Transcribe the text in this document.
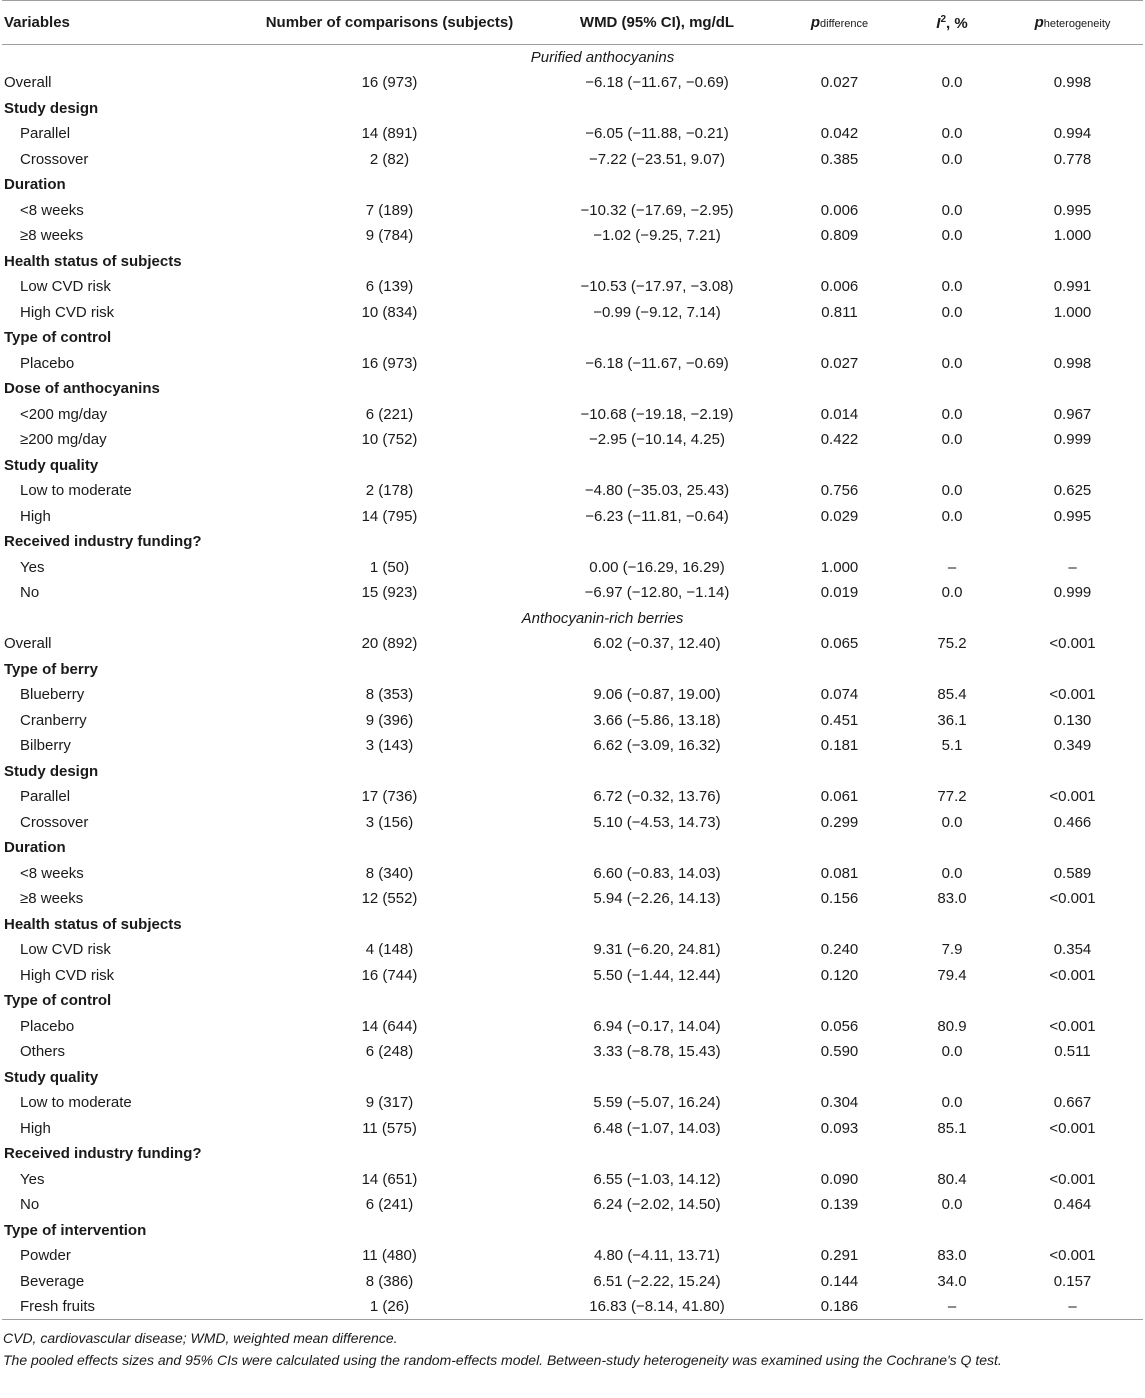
Variables	Number of comparisons (subjects)	WMD (95% CI), mg/dL	pdifference	$I^2$, %	pheterogeneity
Purified anthocyanins					
Overall	16 (973)	−6.18 (−11.67, −0.69)	0.027	0.0	0.998
Study design					
Parallel	14 (891)	−6.05 (−11.88, −0.21)	0.042	0.0	0.994
Crossover	2 (82)	−7.22 (−23.51, 9.07)	0.385	0.0	0.778
Duration					
<8 weeks	7 (189)	−10.32 (−17.69, −2.95)	0.006	0.0	0.995
≥8 weeks	9 (784)	−1.02 (−9.25, 7.21)	0.809	0.0	1.000
Health status of subjects					
Low CVD risk	6 (139)	−10.53 (−17.97, −3.08)	0.006	0.0	0.991
High CVD risk	10 (834)	−0.99 (−9.12, 7.14)	0.811	0.0	1.000
Type of control					
Placebo	16 (973)	−6.18 (−11.67, −0.69)	0.027	0.0	0.998
Dose of anthocyanins					
<200 mg/day	6 (221)	−10.68 (−19.18, −2.19)	0.014	0.0	0.967
≥200 mg/day	10 (752)	−2.95 (−10.14, 4.25)	0.422	0.0	0.999
Study quality					
Low to moderate	2 (178)	−4.80 (−35.03, 25.43)	0.756	0.0	0.625
High	14 (795)	−6.23 (−11.81, −0.64)	0.029	0.0	0.995
Received industry funding?					
Yes	1 (50)	0.00 (−16.29, 16.29)	1.000	–	–
No	15 (923)	−6.97 (−12.80, −1.14)	0.019	0.0	0.999
Anthocyanin-rich berries					
Overall	20 (892)	6.02 (−0.37, 12.40)	0.065	75.2	<0.001
Type of berry					
Blueberry	8 (353)	9.06 (−0.87, 19.00)	0.074	85.4	<0.001
Cranberry	9 (396)	3.66 (−5.86, 13.18)	0.451	36.1	0.130
Bilberry	3 (143)	6.62 (−3.09, 16.32)	0.181	5.1	0.349
Study design					
Parallel	17 (736)	6.72 (−0.32, 13.76)	0.061	77.2	<0.001
Crossover	3 (156)	5.10 (−4.53, 14.73)	0.299	0.0	0.466
Duration					
<8 weeks	8 (340)	6.60 (−0.83, 14.03)	0.081	0.0	0.589
≥8 weeks	12 (552)	5.94 (−2.26, 14.13)	0.156	83.0	<0.001
Health status of subjects					
Low CVD risk	4 (148)	9.31 (−6.20, 24.81)	0.240	7.9	0.354
High CVD risk	16 (744)	5.50 (−1.44, 12.44)	0.120	79.4	<0.001
Type of control					
Placebo	14 (644)	6.94 (−0.17, 14.04)	0.056	80.9	<0.001
Others	6 (248)	3.33 (−8.78, 15.43)	0.590	0.0	0.511
Study quality					
Low to moderate	9 (317)	5.59 (−5.07, 16.24)	0.304	0.0	0.667
High	11 (575)	6.48 (−1.07, 14.03)	0.093	85.1	<0.001
Received industry funding?					
Yes	14 (651)	6.55 (−1.03, 14.12)	0.090	80.4	<0.001
No	6 (241)	6.24 (−2.02, 14.50)	0.139	0.0	0.464
Type of intervention					
Powder	11 (480)	4.80 (−4.11, 13.71)	0.291	83.0	<0.001
Beverage	8 (386)	6.51 (−2.22, 15.24)	0.144	34.0	0.157
Fresh fruits	1 (26)	16.83 (−8.14, 41.80)	0.186	–	–

CVD, cardiovascular disease; WMD, weighted mean difference.

The pooled effects sizes and 95% CIs were calculated using the random-effects model. Between-study heterogeneity was examined using the Cochrane's Q test.
